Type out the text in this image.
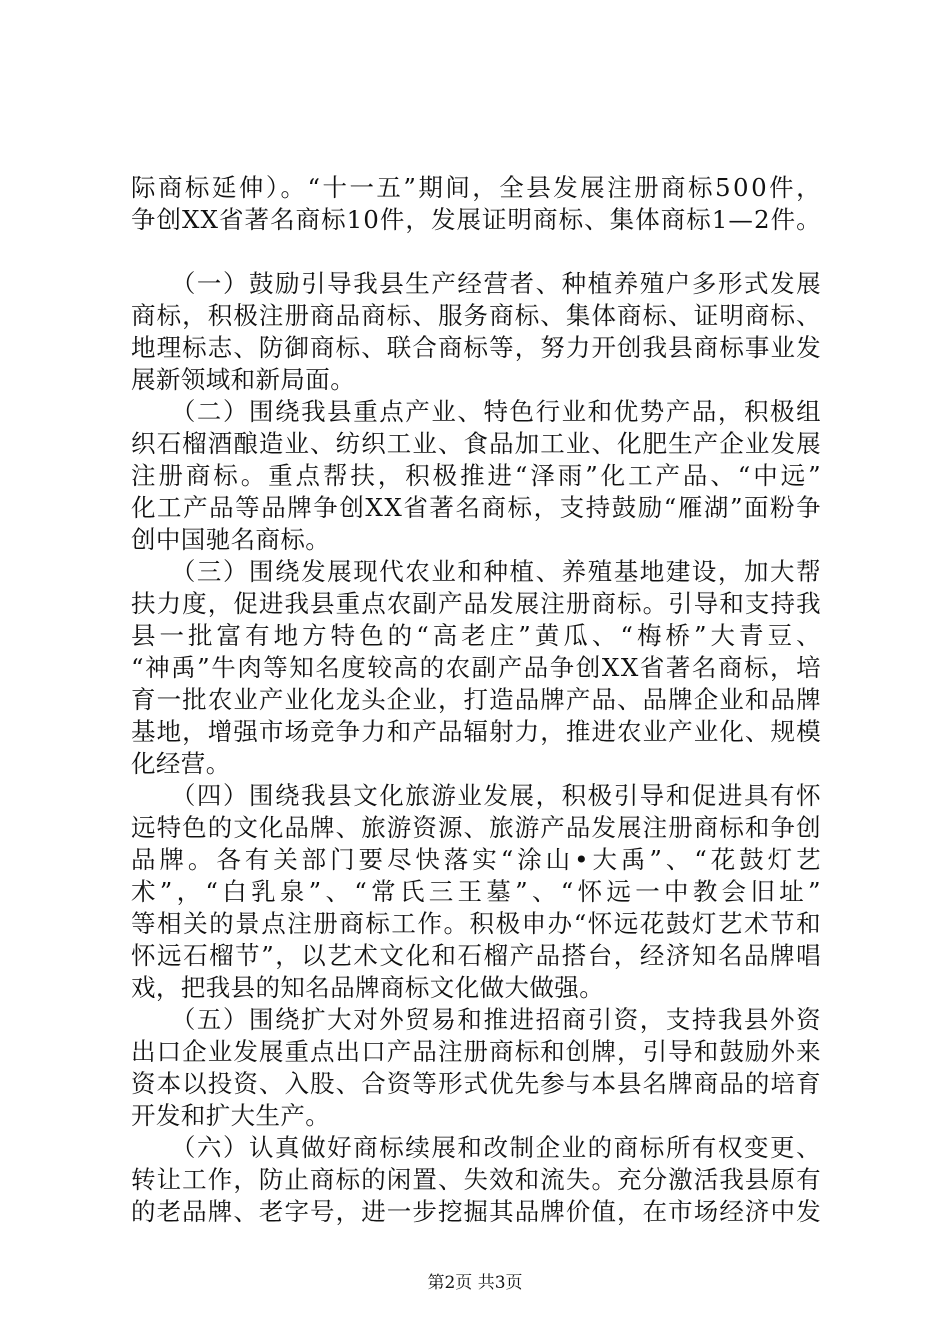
际商标延伸）。“十一五”期间，全县发展注册商标500件，
争创XX省著名商标10件，发展证明商标、集体商标1—2件。
　　（一）鼓励引导我县生产经营者、种植养殖户多形式发展
商标，积极注册商品商标、服务商标、集体商标、证明商标、
地理标志、防御商标、联合商标等，努力开创我县商标事业发
展新领域和新局面。
　　（二）围绕我县重点产业、特色行业和优势产品，积极组
织石榴酒酿造业、纺织工业、食品加工业、化肥生产企业发展
注册商标。重点帮扶，积极推进“泽雨”化工产品、“中远”
化工产品等品牌争创XX省著名商标，支持鼓励“雁湖”面粉争
创中国驰名商标。
　　（三）围绕发展现代农业和种植、养殖基地建设，加大帮
扶力度，促进我县重点农副产品发展注册商标。引导和支持我
县一批富有地方特色的“高老庄”黄瓜、“梅桥”大青豆、
“神禹”牛肉等知名度较高的农副产品争创XX省著名商标，培
育一批农业产业化龙头企业，打造品牌产品、品牌企业和品牌
基地，增强市场竞争力和产品辐射力，推进农业产业化、规模
化经营。
　　（四）围绕我县文化旅游业发展，积极引导和促进具有怀
远特色的文化品牌、旅游资源、旅游产品发展注册商标和争创
品牌。各有关部门要尽快落实“涂山•大禹”、“花鼓灯艺
术”，“白乳泉”、“常氏三王墓”、“怀远一中教会旧址”
等相关的景点注册商标工作。积极申办“怀远花鼓灯艺术节和
怀远石榴节”，以艺术文化和石榴产品搭台，经济知名品牌唱
戏，把我县的知名品牌商标文化做大做强。
　　（五）围绕扩大对外贸易和推进招商引资，支持我县外资
出口企业发展重点出口产品注册商标和创牌，引导和鼓励外来
资本以投资、入股、合资等形式优先参与本县名牌商品的培育
开发和扩大生产。
　　（六）认真做好商标续展和改制企业的商标所有权变更、
转让工作，防止商标的闲置、失效和流失。充分激活我县原有
的老品牌、老字号，进一步挖掘其品牌价值，在市场经济中发
第2页 共3页
